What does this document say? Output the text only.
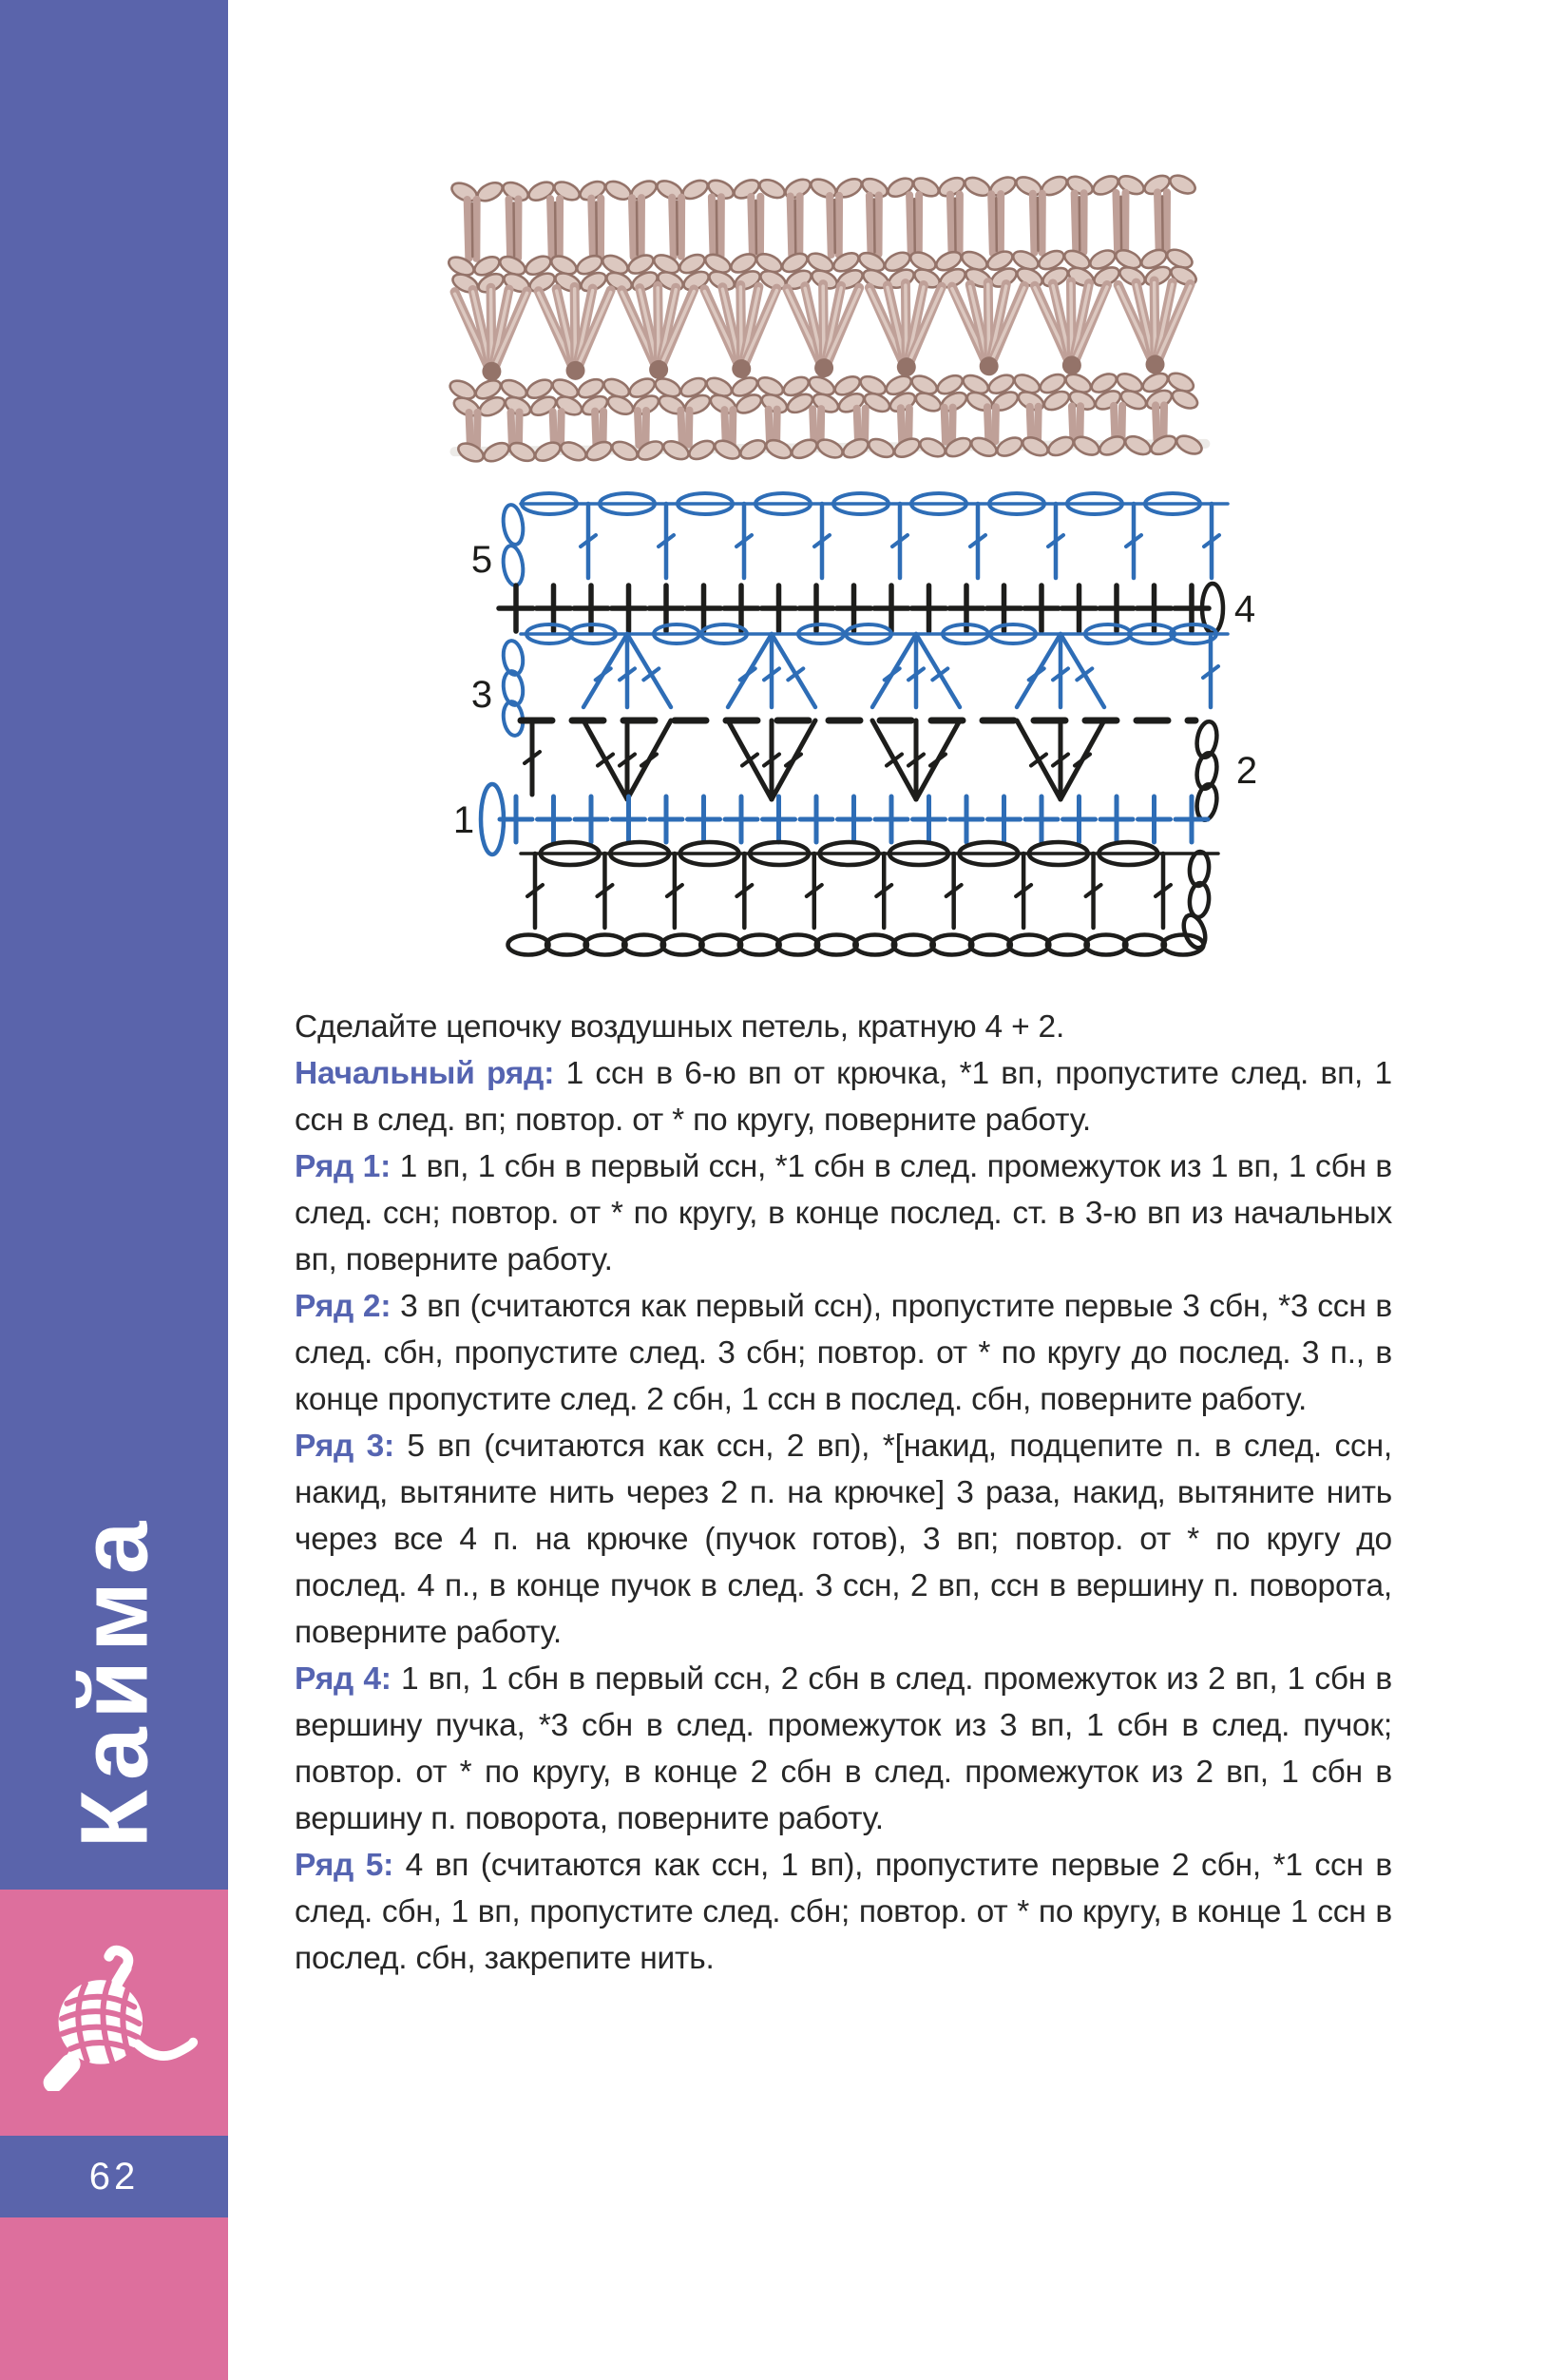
62
Кайма
5
4
3
2
1

Сделайте цепочку воздушных петель, кратную 4 + 2.

Начальный ряд: 1 ссн в 6-ю вп от крючка, *1 вп, пропустите след. вп, 1 ссн в след. вп; повтор. от * по кругу, поверните работу.

Ряд 1: 1 вп, 1 сбн в первый ссн, *1 сбн в след. промежуток из 1 вп, 1 сбн в след. ссн; повтор. от * по кругу, в конце послед. ст. в 3-ю вп из начальных вп, поверните работу.

Ряд 2: 3 вп (считаются как первый ссн), пропустите первые 3 сбн, *3 ссн в след. сбн, пропустите след. 3 сбн; повтор. от * по кругу до послед. 3 п., в конце пропустите след. 2 сбн, 1 ссн в послед. сбн, поверните работу.

Ряд 3: 5 вп (считаются как ссн, 2 вп), *[накид, подцепите п. в след. ссн, накид, вытяните нить через 2 п. на крючке] 3 раза, накид, вытяните нить через все 4 п. на крючке (пучок готов), 3 вп; повтор. от * по кругу до послед. 4 п., в конце пучок в след. 3 ссн, 2 вп, ссн в вершину п. поворота, поверните работу.

Ряд 4: 1 вп, 1 сбн в первый ссн, 2 сбн в след. промежуток из 2 вп, 1 сбн в вершину пучка, *3 сбн в след. промежуток из 3 вп, 1 сбн в след. пучок; повтор. от * по кругу, в конце 2 сбн в след. промежуток из 2 вп, 1 сбн в вершину п. поворота, поверните работу.

Ряд 5: 4 вп (считаются как ссн, 1 вп), пропустите первые 2 сбн, *1 ссн в след. сбн, 1 вп, пропустите след. сбн; повтор. от * по кругу, в конце 1 ссн в послед. сбн, закрепите нить.
